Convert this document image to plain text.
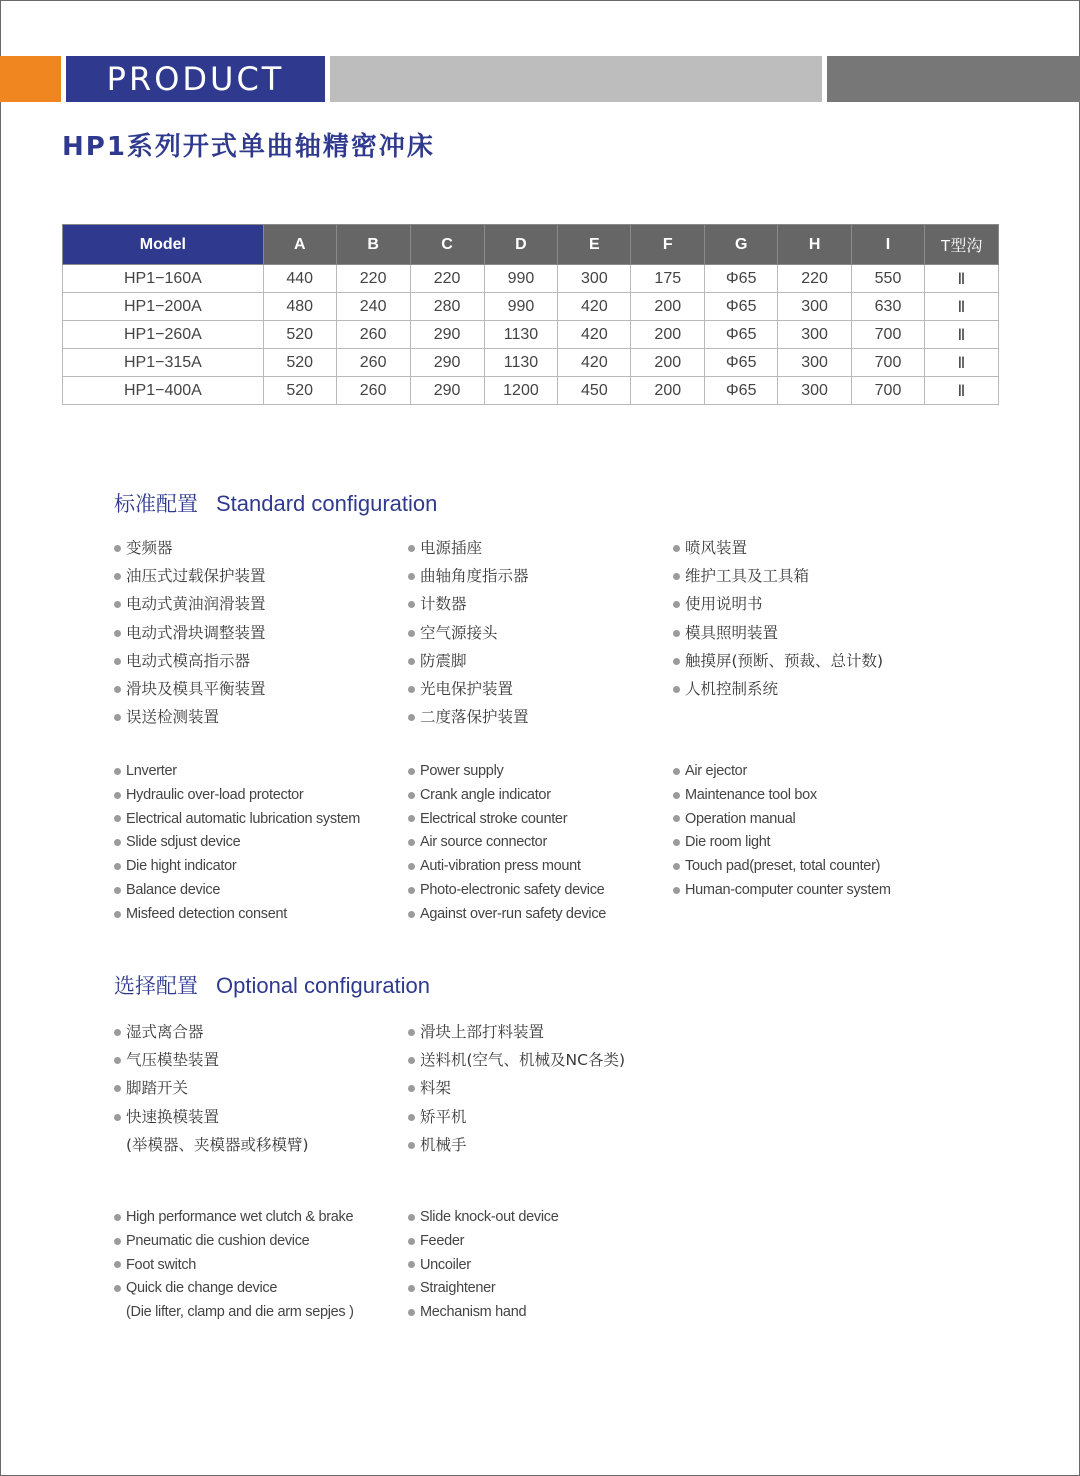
PRODUCT
HP1系列开式单曲轴精密冲床
Model	A	B	C	D	E	F	G	H	I	T型沟
HP1−160A	440	220	220	990	300	175	Φ65	220	550	Ⅱ
HP1−200A	480	240	280	990	420	200	Φ65	300	630	Ⅱ
HP1−260A	520	260	290	1130	420	200	Φ65	300	700	Ⅱ
HP1−315A	520	260	290	1130	420	200	Φ65	300	700	Ⅱ
HP1−400A	520	260	290	1200	450	200	Φ65	300	700	Ⅱ
标准配置 Standard configuration
变频器
油压式过载保护装置
电动式黄油润滑装置
电动式滑块调整装置
电动式模高指示器
滑块及模具平衡装置
误送检测装置
电源插座
曲轴角度指示器
计数器
空气源接头
防震脚
光电保护装置
二度落保护装置
喷风装置
维护工具及工具箱
使用说明书
模具照明装置
触摸屏(预断、预裁、总计数)
人机控制系统
Lnverter
Hydraulic over-load protector
Electrical automatic lubrication system
Slide sdjust device
Die hight indicator
Balance device
Misfeed detection consent
Power supply
Crank angle indicator
Electrical stroke counter
Air source connector
Auti-vibration press mount
Photo-electronic safety device
Against over-run safety device
Air ejector
Maintenance tool box
Operation manual
Die room light
Touch pad(preset, total counter)
Human-computer counter system
选择配置 Optional configuration
湿式离合器
气压模垫装置
脚踏开关
快速换模装置
(举模器、夹模器或移模臂)
滑块上部打料装置
送料机(空气、机械及NC各类)
料架
矫平机
机械手
High performance wet clutch & brake
Pneumatic die cushion device
Foot switch
Quick die change device
(Die lifter, clamp and die arm sepjes )
Slide knock-out device
Feeder
Uncoiler
Straightener
Mechanism hand
